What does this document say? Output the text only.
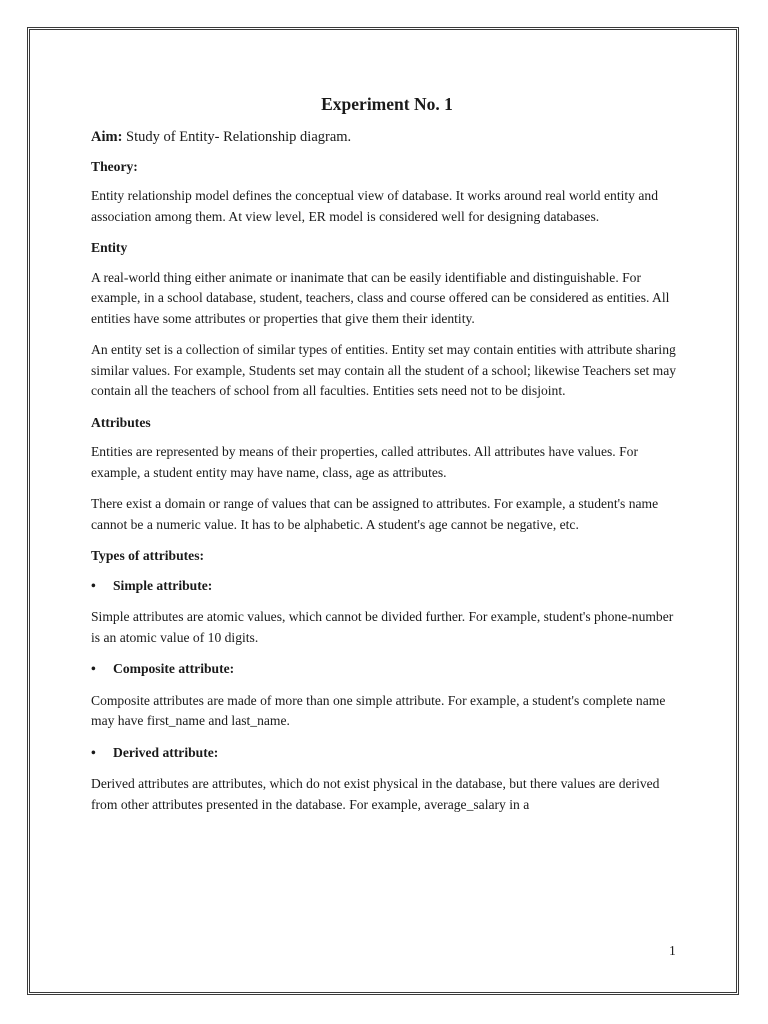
Experiment No. 1
Aim: Study of Entity- Relationship diagram.
Theory:
Entity relationship model defines the conceptual view of database. It works around real world entity and association among them. At view level, ER model is considered well for designing databases.
Entity
A real-world thing either animate or inanimate that can be easily identifiable and distinguishable. For example, in a school database, student, teachers, class and course offered can be considered as entities. All entities have some attributes or properties that give them their identity.
An entity set is a collection of similar types of entities. Entity set may contain entities with attribute sharing similar values. For example, Students set may contain all the student of a school; likewise Teachers set may contain all the teachers of school from all faculties. Entities sets need not to be disjoint.
Attributes
Entities are represented by means of their properties, called attributes. All attributes have values. For example, a student entity may have name, class, age as attributes.
There exist a domain or range of values that can be assigned to attributes. For example, a student's name cannot be a numeric value. It has to be alphabetic. A student's age cannot be negative, etc.
Types of attributes:
• Simple attribute:
Simple attributes are atomic values, which cannot be divided further. For example, student's phone-number is an atomic value of 10 digits.
• Composite attribute:
Composite attributes are made of more than one simple attribute. For example, a student's complete name may have first_name and last_name.
• Derived attribute:
Derived attributes are attributes, which do not exist physical in the database, but there values are derived from other attributes presented in the database. For example, average_salary in a
1
